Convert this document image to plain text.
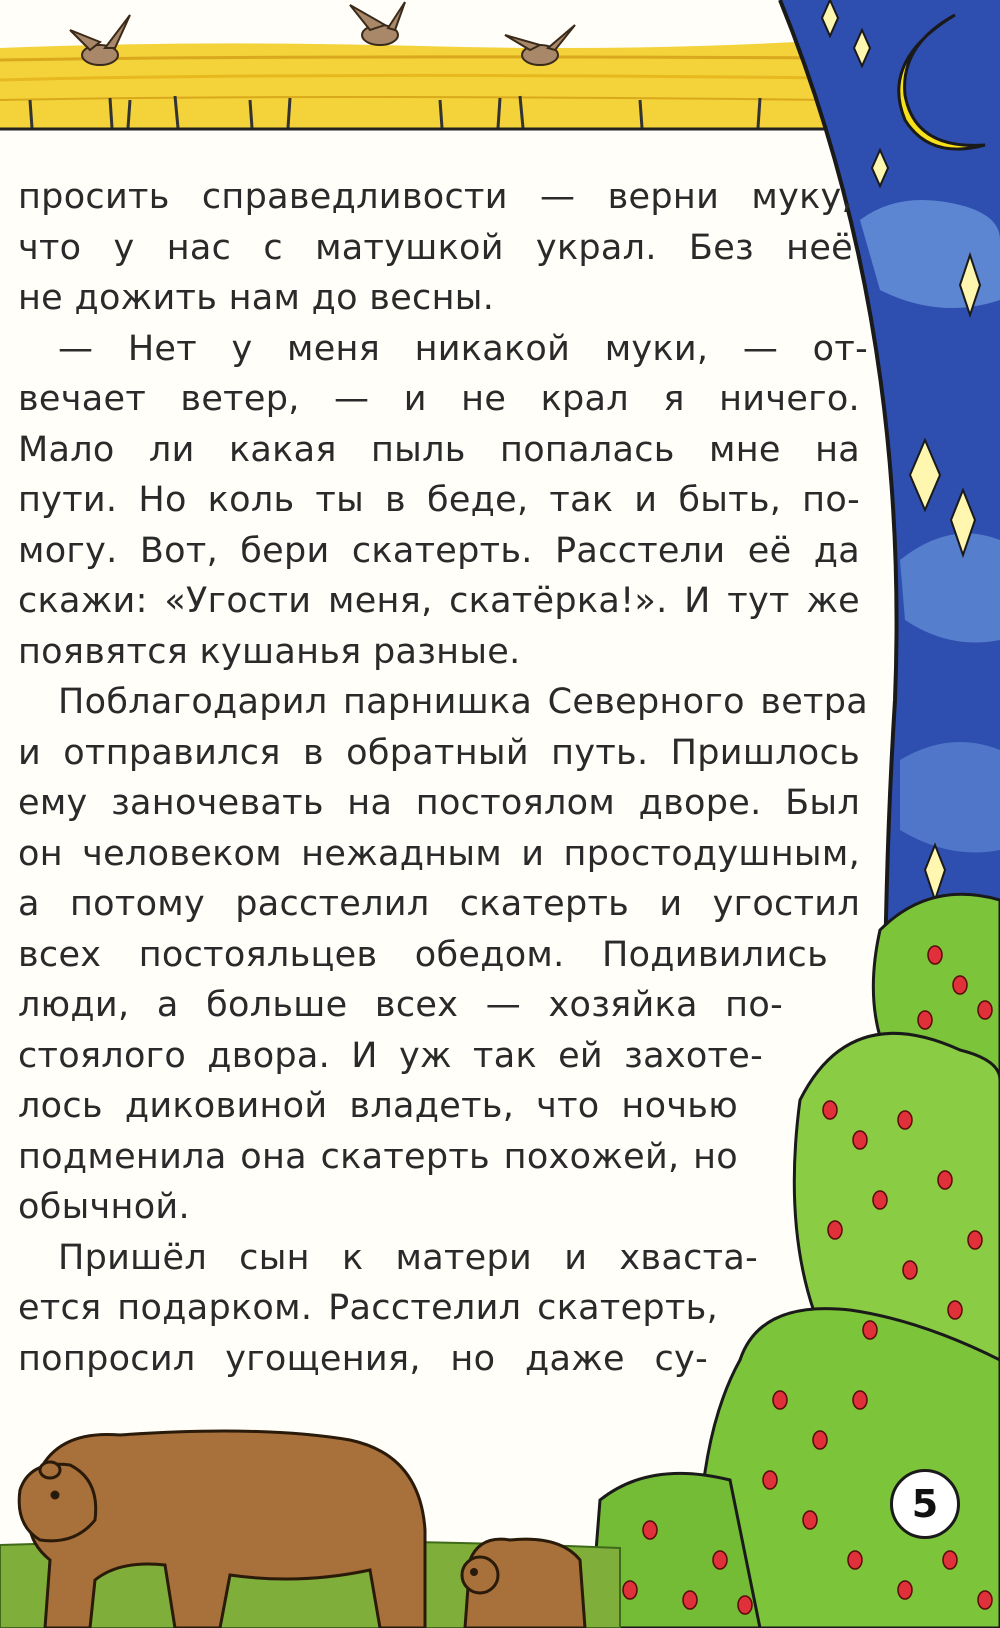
просить справедливости — верни муку,
что у нас с матушкой украл. Без неё
не дожить нам до весны.
— Нет у меня никакой муки, — от-
вечает ветер, — и не крал я ничего.
Мало ли какая пыль попалась мне на
пути. Но коль ты в беде, так и быть, по-
могу. Вот, бери скатерть. Расстели её да
скажи: «Угости меня, скатёрка!». И тут же
появятся кушанья разные.
Поблагодарил парнишка Северного ветра
и отправился в обратный путь. Пришлось
ему заночевать на постоялом дворе. Был
он человеком нежадным и простодушным,
а потому расстелил скатерть и угостил
всех постояльцев обедом. Подивились
люди, а больше всех — хозяйка по-
стоялого двора. И уж так ей захоте-
лось диковиной владеть, что ночью
подменила она скатерть похожей, но
обычной.
Пришёл сын к матери и хваста-
ется подарком. Расстелил скатерть,
попросил угощения, но даже су-
5
